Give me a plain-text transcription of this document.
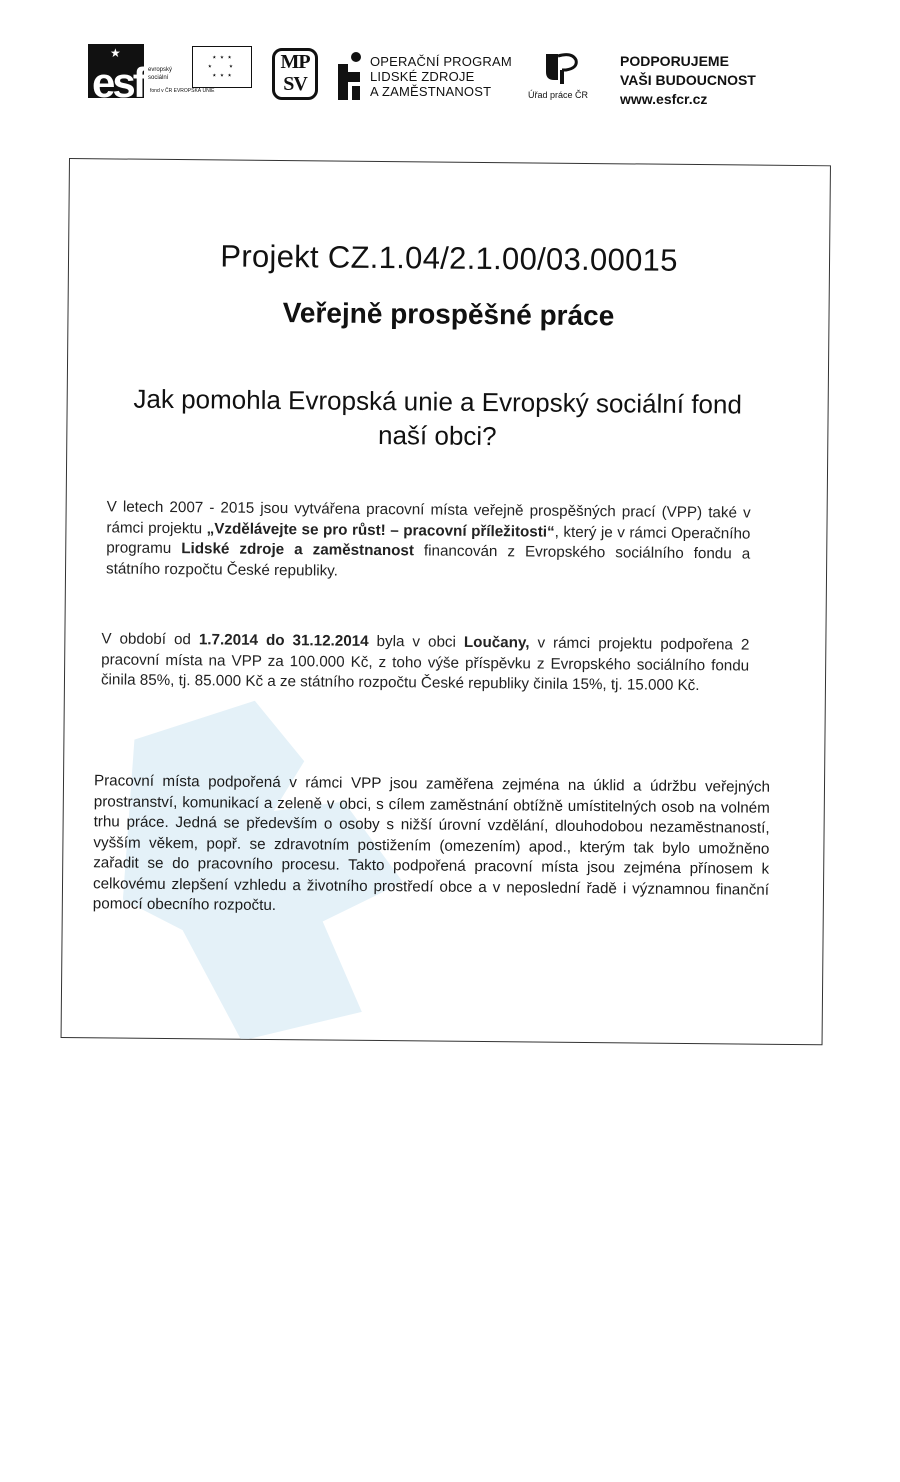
★
esf evropský
sociální
⋆⋆⋆
⋆   ⋆
⋆⋆⋆
fond v ČR EVROPSKÁ UNIE
MP
SV
OPERAČNÍ PROGRAM
LIDSKÉ ZDROJE
A ZAMĚSTNANOST	Úřad práce ČR
PODPORUJEME
VAŠI BUDOUCNOST
www.esfcr.cz
Projekt CZ.1.04/2.1.00/03.00015
Veřejně prospěšné práce
Jak pomohla Evropská unie a Evropský sociální fond naší obci?
V letech 2007 - 2015 jsou vytvářena pracovní místa veřejně prospěšných prací (VPP) také v rámci projektu „Vzdělávejte se pro růst! – pracovní příležitosti“, který je v rámci Operačního programu Lidské zdroje a zaměstnanost financován z Evropského sociálního fondu a státního rozpočtu České republiky.
V období od 1.7.2014 do 31.12.2014 byla v obci Loučany, v rámci projektu podpořena 2 pracovní místa na VPP za 100.000 Kč, z toho výše příspěvku z Evropského sociálního fondu činila 85%, tj. 85.000 Kč a ze státního rozpočtu České republiky činila 15%, tj. 15.000 Kč.
Pracovní místa podpořená v rámci VPP jsou zaměřena zejména na úklid a údržbu veřejných prostranství, komunikací a zeleně v obci, s cílem zaměstnání obtížně umístitelných osob na volném trhu práce. Jedná se především o osoby s nižší úrovní vzdělání, dlouhodobou nezaměstnaností, vyšším věkem, popř. se zdravotním postižením (omezením) apod., kterým tak bylo umožněno zařadit se do pracovního procesu. Takto podpořená pracovní místa jsou zejména přínosem k celkovému zlepšení vzhledu a životního prostředí obce a v neposlední řadě i významnou finanční pomocí obecního rozpočtu.
